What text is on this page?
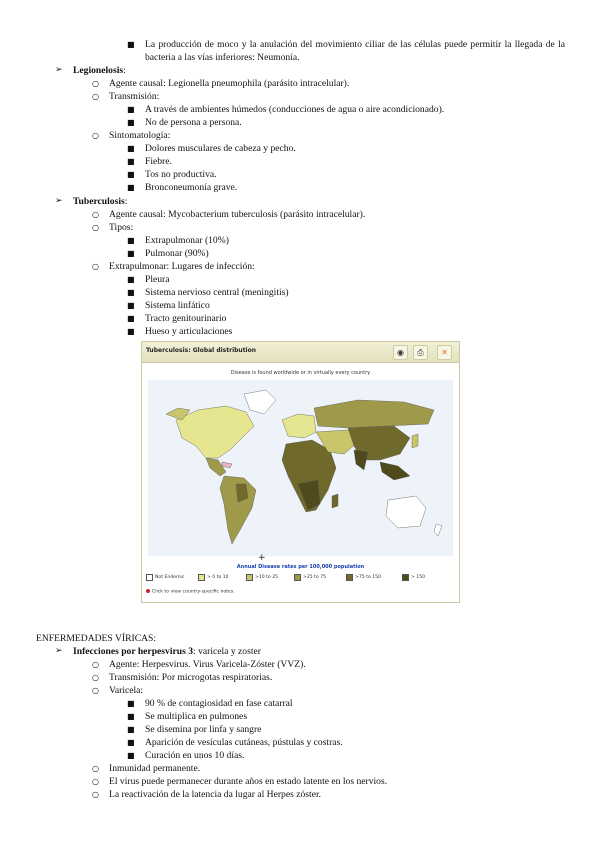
■ La producción de moco y la anulación del movimiento ciliar de las células puede permitir la llegada de la bacteria a las vías inferiores: Neumonía.
➢ Legionelosis:
○ Agente causal: Legionella pneumophila (parásito intracelular).
○ Transmisión:
■ A través de ambientes húmedos (conducciones de agua o aire acondicionado).
■ No de persona a persona.
○ Sintomatología:
■ Dolores musculares de cabeza y pecho.
■ Fiebre.
■ Tos no productiva.
■ Bronconeumonía grave.
➢ Tuberculosis:
○ Agente causal: Mycobacterium tuberculosis (parásito intracelular).
○ Tipos:
■ Extrapulmonar (10%)
■ Pulmonar (90%)
○ Extrapulmonar: Lugares de infección:
■ Pleura
■ Sistema nervioso central (meningitis)
■ Sistema linfático
■ Tracto genitourinario
■ Hueso y articulaciones
Tuberculosis: Global distribution	◉	⎙	✕
Disease is found worldwide or in virtually every country
+
Annual Disease rates per 100,000 population
Not Endemic	> 0 to 10	>10 to 25	>25 to 75	>75 to 150	> 150
Click to view country-specific notes.
ENFERMEDADES VÍRICAS:
➢ Infecciones por herpesvirus 3: varicela y zoster
○ Agente: Herpesvirus. Virus Varicela-Zóster (VVZ).
○ Transmisión: Por microgotas respiratorias.
○ Varicela:
■ 90 % de contagiosidad en fase catarral
■ Se multiplica en pulmones
■ Se disemina por linfa y sangre
■ Aparición de vesículas cutáneas, pústulas y costras.
■ Curación en unos 10 días.
○ Inmunidad permanente.
○ El virus puede permanecer durante años en estado latente en los nervios.
○ La reactivación de la latencia da lugar al Herpes zóster.
